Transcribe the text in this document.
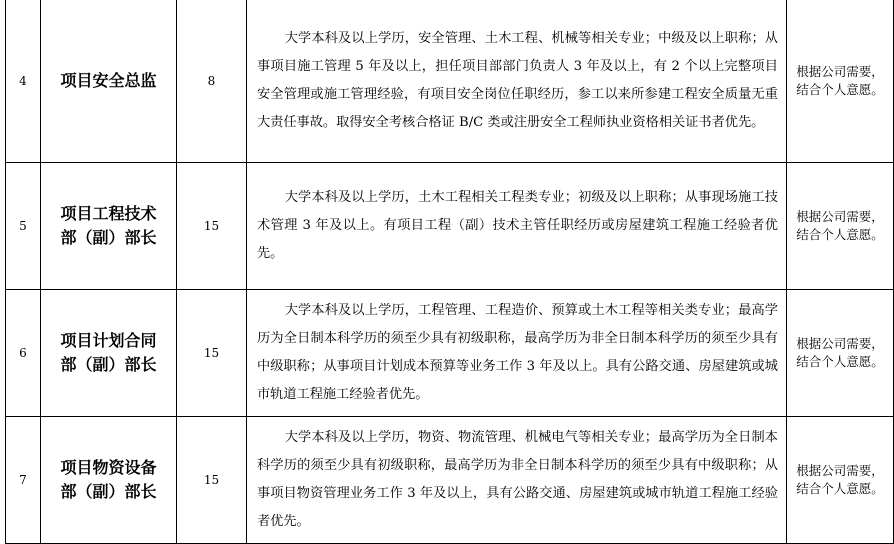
4	项目安全总监	8	大学本科及以上学历，安全管理、土木工程、机械等相关专业；中级及以上职称；从事项目施工管理 5 年及以上，担任项目部部门负责人 3 年及以上，有 2 个以上完整项目安全管理或施工管理经验，有项目安全岗位任职经历，参工以来所参建工程安全质量无重大责任事故。取得安全考核合格证 B/C 类或注册安全工程师执业资格相关证书者优先。	根据公司需要，结合个人意愿。
5	项目工程技术部（副）部长	15	大学本科及以上学历，土木工程相关工程类专业；初级及以上职称；从事现场施工技术管理 3 年及以上。有项目工程（副）技术主管任职经历或房屋建筑工程施工经验者优先。	根据公司需要，结合个人意愿。
6	项目计划合同部（副）部长	15	大学本科及以上学历，工程管理、工程造价、预算或土木工程等相关类专业；最高学历为全日制本科学历的须至少具有初级职称，最高学历为非全日制本科学历的须至少具有中级职称；从事项目计划成本预算等业务工作 3 年及以上。具有公路交通、房屋建筑或城市轨道工程施工经验者优先。	根据公司需要，结合个人意愿。
7	项目物资设备部（副）部长	15	大学本科及以上学历，物资、物流管理、机械电气等相关专业；最高学历为全日制本科学历的须至少具有初级职称，最高学历为非全日制本科学历的须至少具有中级职称；从事项目物资管理业务工作 3 年及以上，具有公路交通、房屋建筑或城市轨道工程施工经验者优先。	根据公司需要，结合个人意愿。
